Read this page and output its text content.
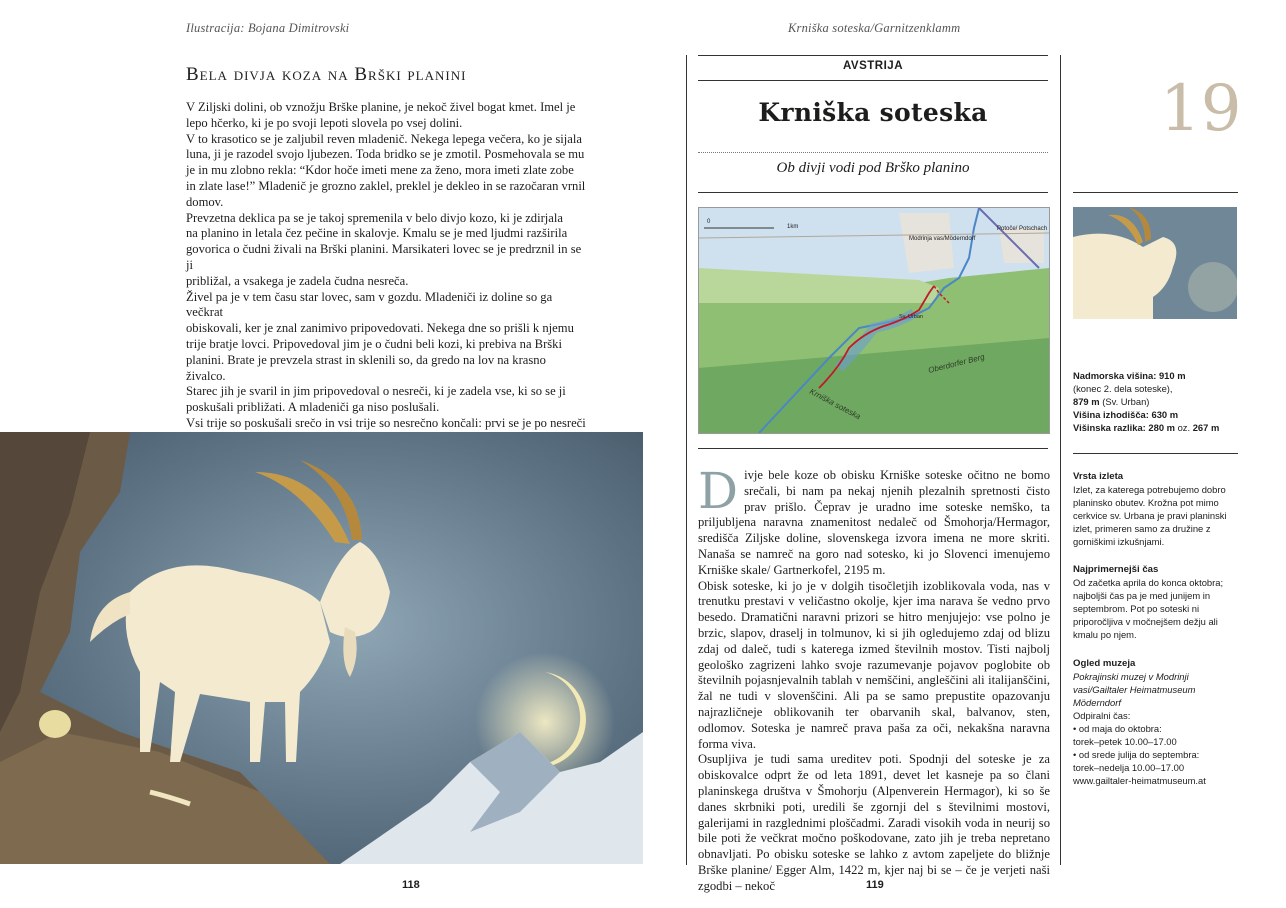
Ilustracija: Bojana Dimitrovski
Bela divja koza na Brški planini

V Ziljski dolini, ob vznožju Brške planine, je nekoč živel bogat kmet. Imel je

lepo hčerko, ki je po svoji lepoti slovela po vsej dolini.

V to krasotico se je zaljubil reven mladenič. Nekega lepega večera, ko je sijala

luna, ji je razodel svojo ljubezen. Toda bridko se je zmotil. Posmehovala se mu

je in mu zlobno rekla: “Kdor hoče imeti mene za ženo, mora imeti zlate zobe

in zlate lase!” Mladenič je grozno zaklel, preklel je dekleo in se razočaran vrnil

domov.

Prevzetna deklica pa se je takoj spremenila v belo divjo kozo, ki je zdirjala

na planino in letala čez pečine in skalovje. Kmalu se je med ljudmi razširila

govorica o čudni živali na Brški planini. Marsikateri lovec se je predrznil in se ji

približal, a vsakega je zadela čudna nesreča.

Živel pa je v tem času star lovec, sam v gozdu. Mladeniči iz doline so ga večkrat

obiskovali, ker je znal zanimivo pripovedovati. Nekega dne so prišli k njemu

trije bratje lovci. Pripovedoval jim je o čudni beli kozi, ki prebiva na Brški

planini. Brate je prevzela strast in sklenili so, da gredo na lov na krasno živalco.

Starec jih je svaril in jim pripovedoval o nesreči, ki je zadela vse, ki so se ji

poskušali približati. A mladeniči ga niso poslušali.

Vsi trije so poskušali srečo in vsi trije so nesrečno končali: prvi se je po nesreči

118
Krniška soteska/Garnitzenklamm
AVSTRIJA
Krniška soteska
Ob divji vodi pod Brško planino
19
0
1km
Modrinja vas/Möderndorf
Potoče/ Potschach
Sv. Urban
Krniška soteska
Oberdorfer Berg
D ivje bele koze ob obisku Krniške soteske očitno ne bomo srečali, bi nam pa nekaj njenih plezalnih spretnosti čisto prav prišlo. Čeprav je uradno ime soteske nemško, ta priljubljena naravna znamenitost nedaleč od Šmohorja/Hermagor, središča Ziljske doline, slovenskega izvora imena ne more skriti. Nanaša se namreč na goro nad sotesko, ki jo Slovenci imenujemo Krniške skale/ Gartnerkofel, 2195 m.

Obisk soteske, ki jo je v dolgih tisočletjih izoblikovala voda, nas v trenutku prestavi v veličastno okolje, kjer ima narava še vedno prvo besedo. Dramatični naravni prizori se hitro menjujejo: vse polno je brzic, slapov, draselj in tolmunov, ki si jih ogledujemo zdaj od blizu zdaj od daleč, tudi s katerega izmed številnih mostov. Tisti najbolj geološko zagrizeni lahko svoje razumevanje pojavov poglobite ob številnih pojasnjevalnih tablah v nemščini, angleščini ali italijanščini, žal ne tudi v slovenščini. Ali pa se samo prepustite opazovanju najrazličneje oblikovanih ter obarvanih skal, balvanov, sten, odlomov. Soteska je namreč prava paša za oči, nekakšna naravna forma viva.

Osupljiva je tudi sama ureditev poti. Spodnji del soteske je za obiskovalce odprt že od leta 1891, devet let kasneje pa so člani planinskega društva v Šmohorju (Alpenverein Hermagor), ki so še danes skrbniki poti, uredili še zgornji del s številnimi mostovi, galerijami in razglednimi ploščadmi. Zaradi visokih voda in neurij so bile poti že večkrat močno poškodovane, zato jih je treba nepretano obnavljati. Po obisku soteske se lahko z avtom zapeljete do bližnje Brške planine/ Egger Alm, 1422 m, kjer naj bi se – če je verjeti naši zgodbi – nekoč

Nadmorska višina: 910 m
(konec 2. dela soteske),
879 m (Sv. Urban)
Višina izhodišča: 630 m
Višinska razlika: 280 m oz. 267 m
Vrsta izleta
Izlet, za katerega potrebujemo dobro planinsko obutev. Krožna pot mimo cerkvice sv. Urbana je pravi planinski izlet, primeren samo za družine z gorniškimi izkušnjami.
Najprimernejši čas
Od začetka aprila do konca oktobra; najboljši čas pa je med junijem in septembrom. Pot po soteski ni priporočljiva v močnejšem dežju ali kmalu po njem.
Ogled muzeja
Pokrajinski muzej v Modrinji vasi/Gailtaler Heimatmuseum Möderndorf
Odpiralni čas:
• od maja do oktobra:
torek–petek 10.00–17.00
• od srede julija do septembra:
torek–nedelja 10.00–17.00
www.gailtaler-heimatmuseum.at
119
